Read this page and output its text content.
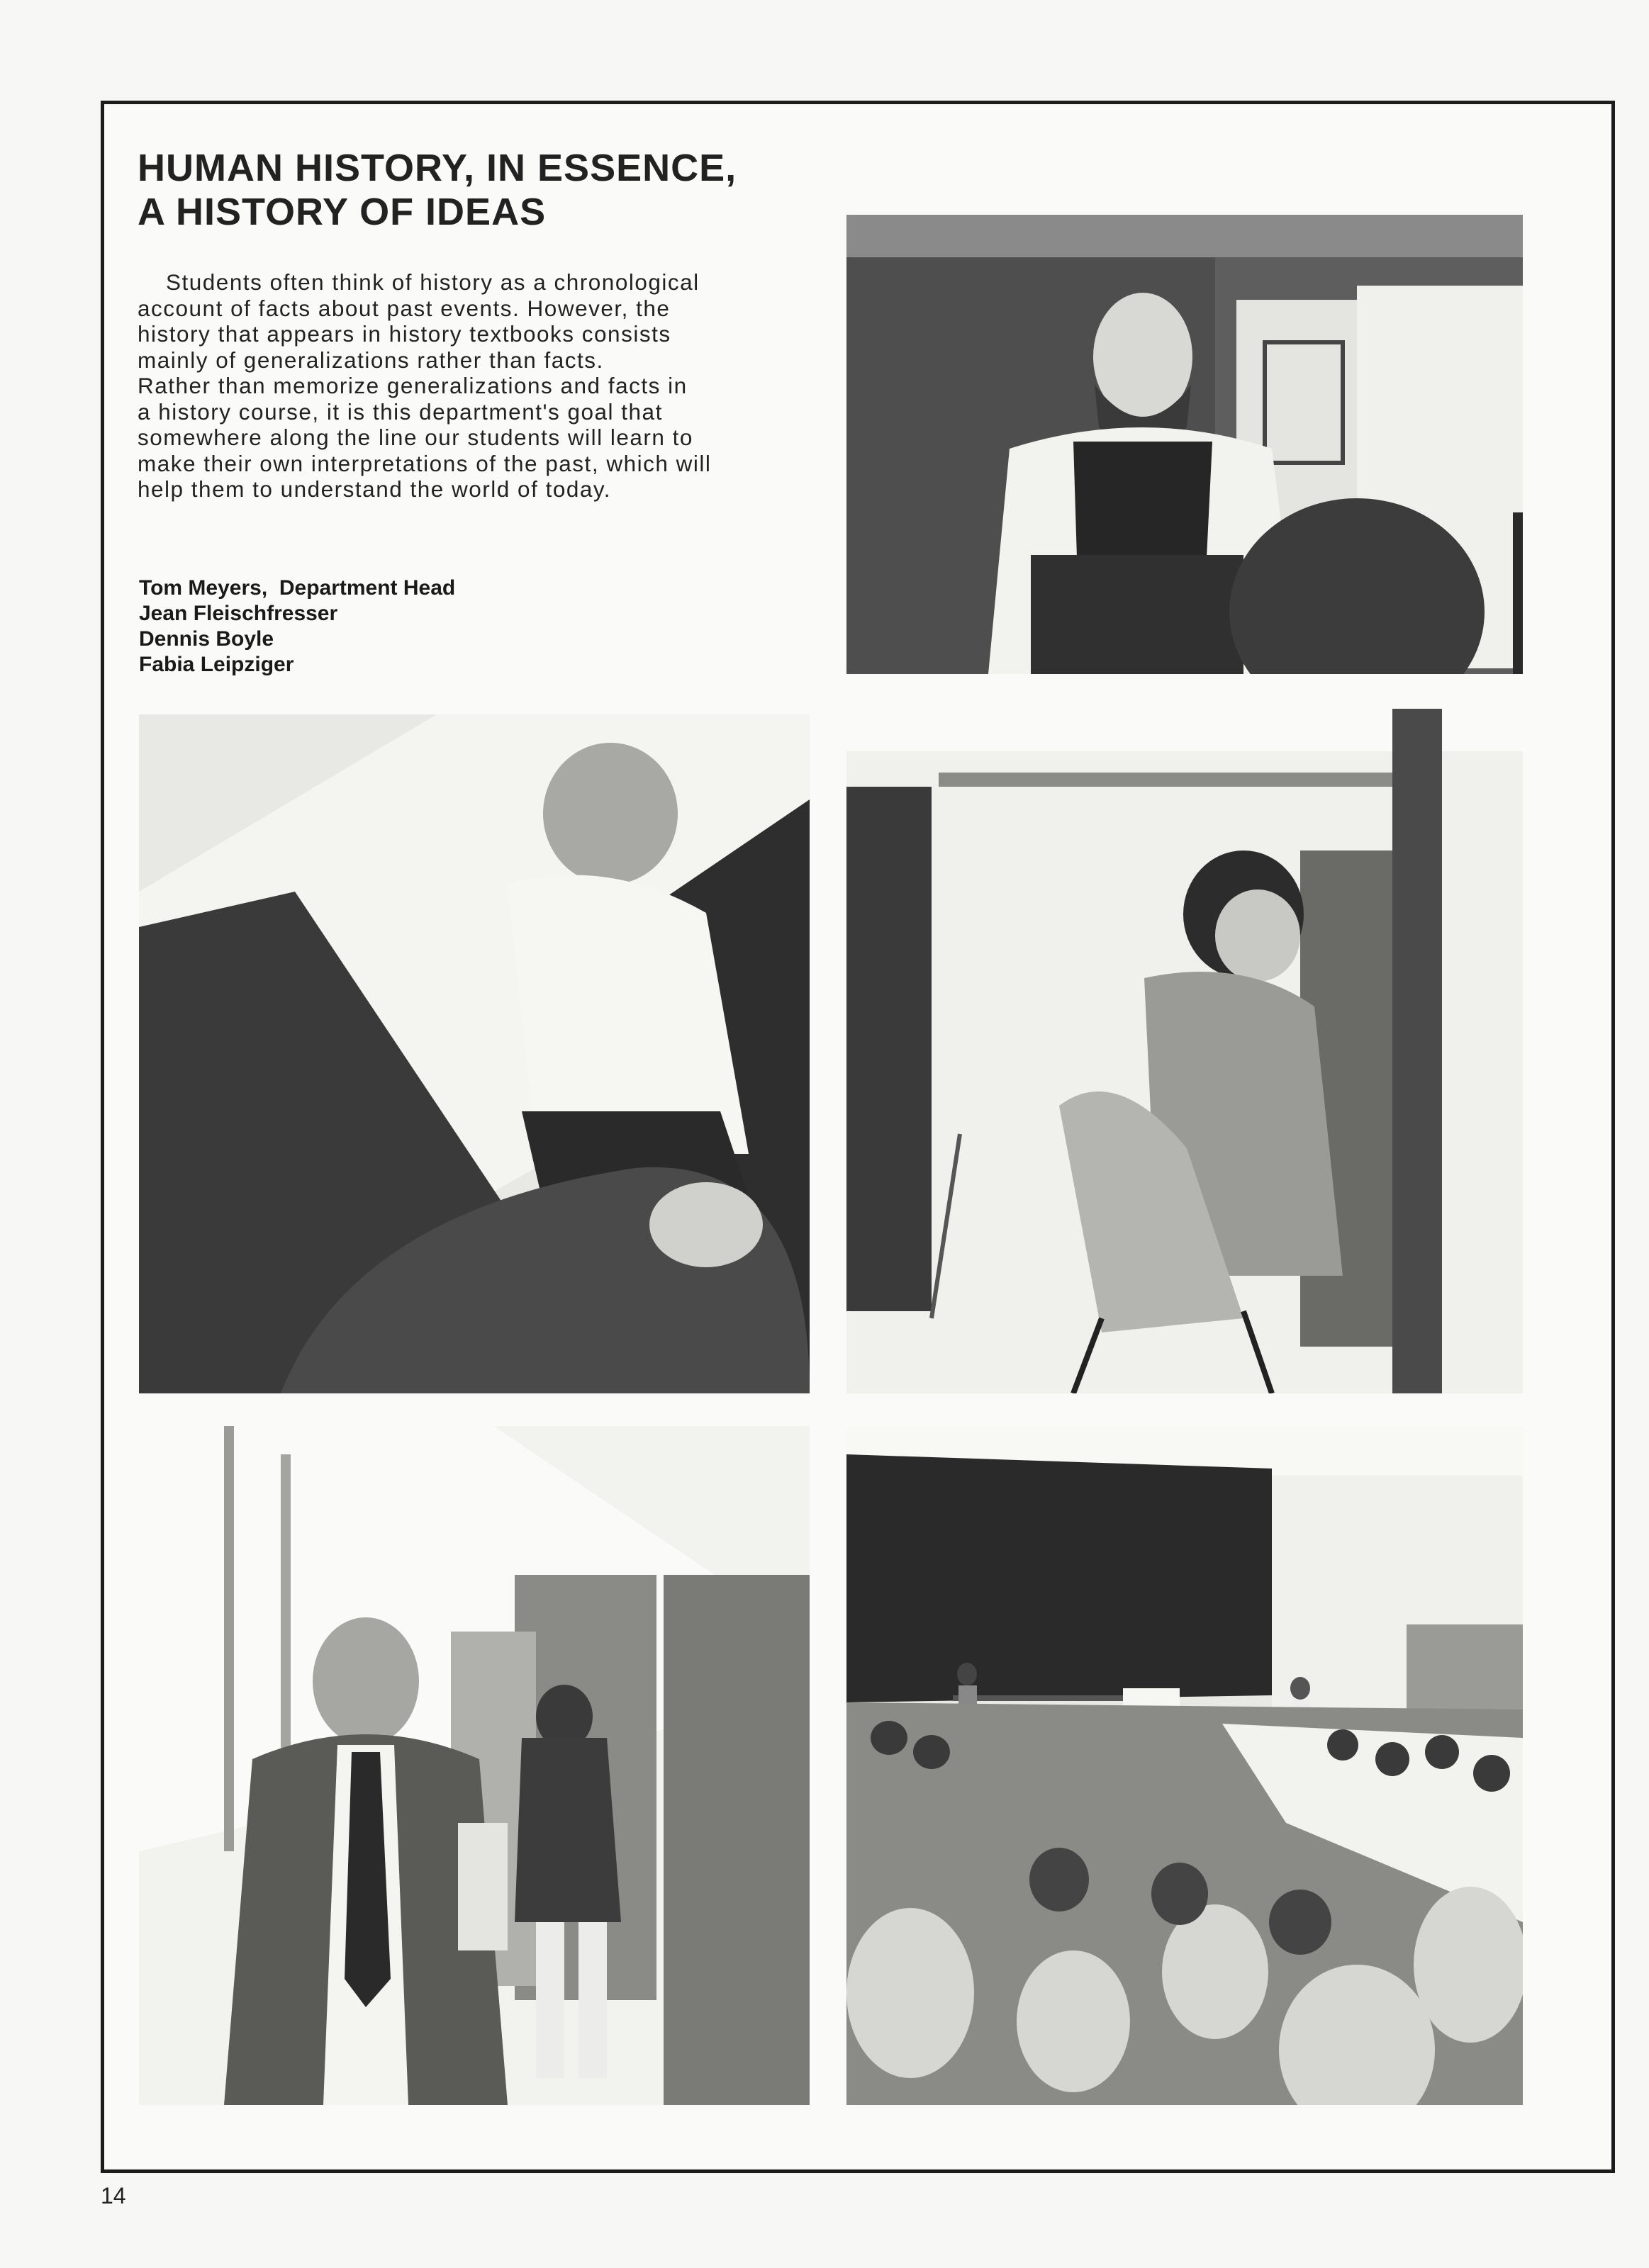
HUMAN HISTORY, IN ESSENCE,
A HISTORY OF IDEAS
Students often think of history as a chronological
account of facts about past events. However, the
history that appears in history textbooks consists
mainly of generalizations rather than facts.
Rather than memorize generalizations and facts in
a history course, it is this department's goal that
somewhere along the line our students will learn to
make their own interpretations of the past, which will
help them to understand the world of today.
Tom Meyers,  Department Head
Jean Fleischfresser
Dennis Boyle
Fabia Leipziger
14
